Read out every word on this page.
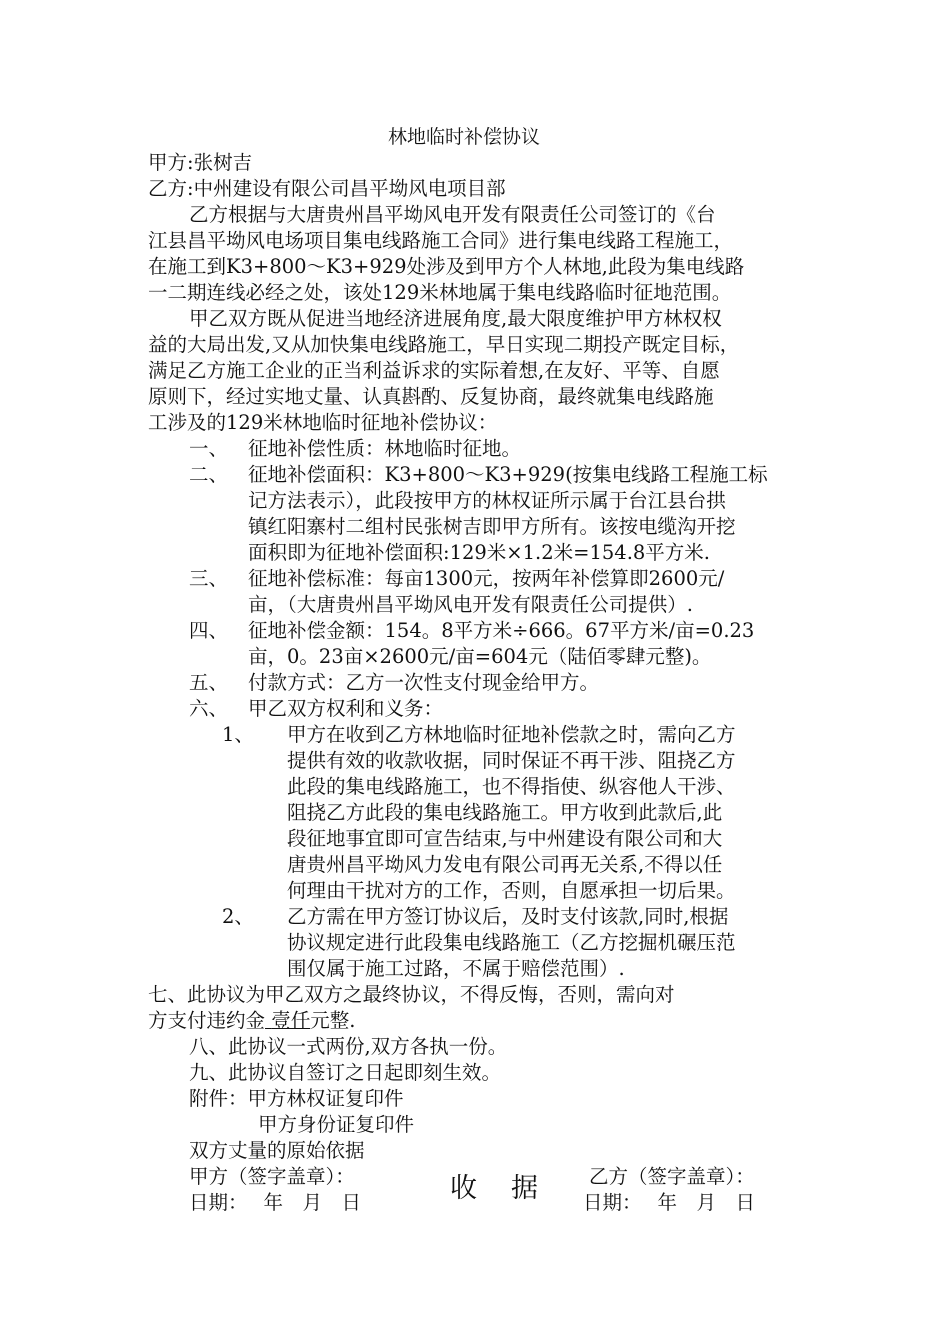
林地临时补偿协议
甲方:张树吉
乙方:中州建设有限公司昌平坳风电项目部
乙方根据与大唐贵州昌平坳风电开发有限责任公司签订的《台
江县昌平坳风电场项目集电线路施工合同》进行集电线路工程施工，
在施工到K3+800～K3+929处涉及到甲方个人林地,此段为集电线路
一二期连线必经之处，该处129米林地属于集电线路临时征地范围。
甲乙双方既从促进当地经济进展角度,最大限度维护甲方林权权
益的大局出发,又从加快集电线路施工，早日实现二期投产既定目标，
满足乙方施工企业的正当利益诉求的实际着想,在友好、平等、自愿
原则下，经过实地丈量、认真斟酌、反复协商，最终就集电线路施
工涉及的129米林地临时征地补偿协议：
一、 征地补偿性质：林地临时征地。
二、 征地补偿面积：K3+800～K3+929(按集电线路工程施工标
记方法表示），此段按甲方的林权证所示属于台江县台拱
镇红阳寨村二组村民张树吉即甲方所有。该按电缆沟开挖
面积即为征地补偿面积:129米×1.2米=154.8平方米.
三、 征地补偿标准：每亩1300元，按两年补偿算即2600元/
亩，（大唐贵州昌平坳风电开发有限责任公司提供）.
四、 征地补偿金额：154。8平方米÷666。67平方米/亩=0.23
亩，0。23亩×2600元/亩=604元（陆佰零肆元整)。
五、 付款方式：乙方一次性支付现金给甲方。
六、 甲乙双方权利和义务：
1、 甲方在收到乙方林地临时征地补偿款之时，需向乙方
提供有效的收款收据，同时保证不再干涉、阻挠乙方
此段的集电线路施工，也不得指使、纵容他人干涉、
阻挠乙方此段的集电线路施工。甲方收到此款后,此
段征地事宜即可宣告结束,与中州建设有限公司和大
唐贵州昌平坳风力发电有限公司再无关系,不得以任
何理由干扰对方的工作，否则，自愿承担一切后果。
2、 乙方需在甲方签订协议后，及时支付该款,同时,根据
协议规定进行此段集电线路施工（乙方挖掘机碾压范
围仅属于施工过路，不属于赔偿范围）.
七、此协议为甲乙双方之最终协议，不得反悔，否则，需向对
方支付违约金 壹仟元整.
八、此协议一式两份,双方各执一份。
九、此协议自签订之日起即刻生效。
附件：甲方林权证复印件
甲方身份证复印件
双方丈量的原始依据
甲方（签字盖章）：	乙方（签字盖章）：
日期：　 年　月　日	日期：　 年　月　日
收据
